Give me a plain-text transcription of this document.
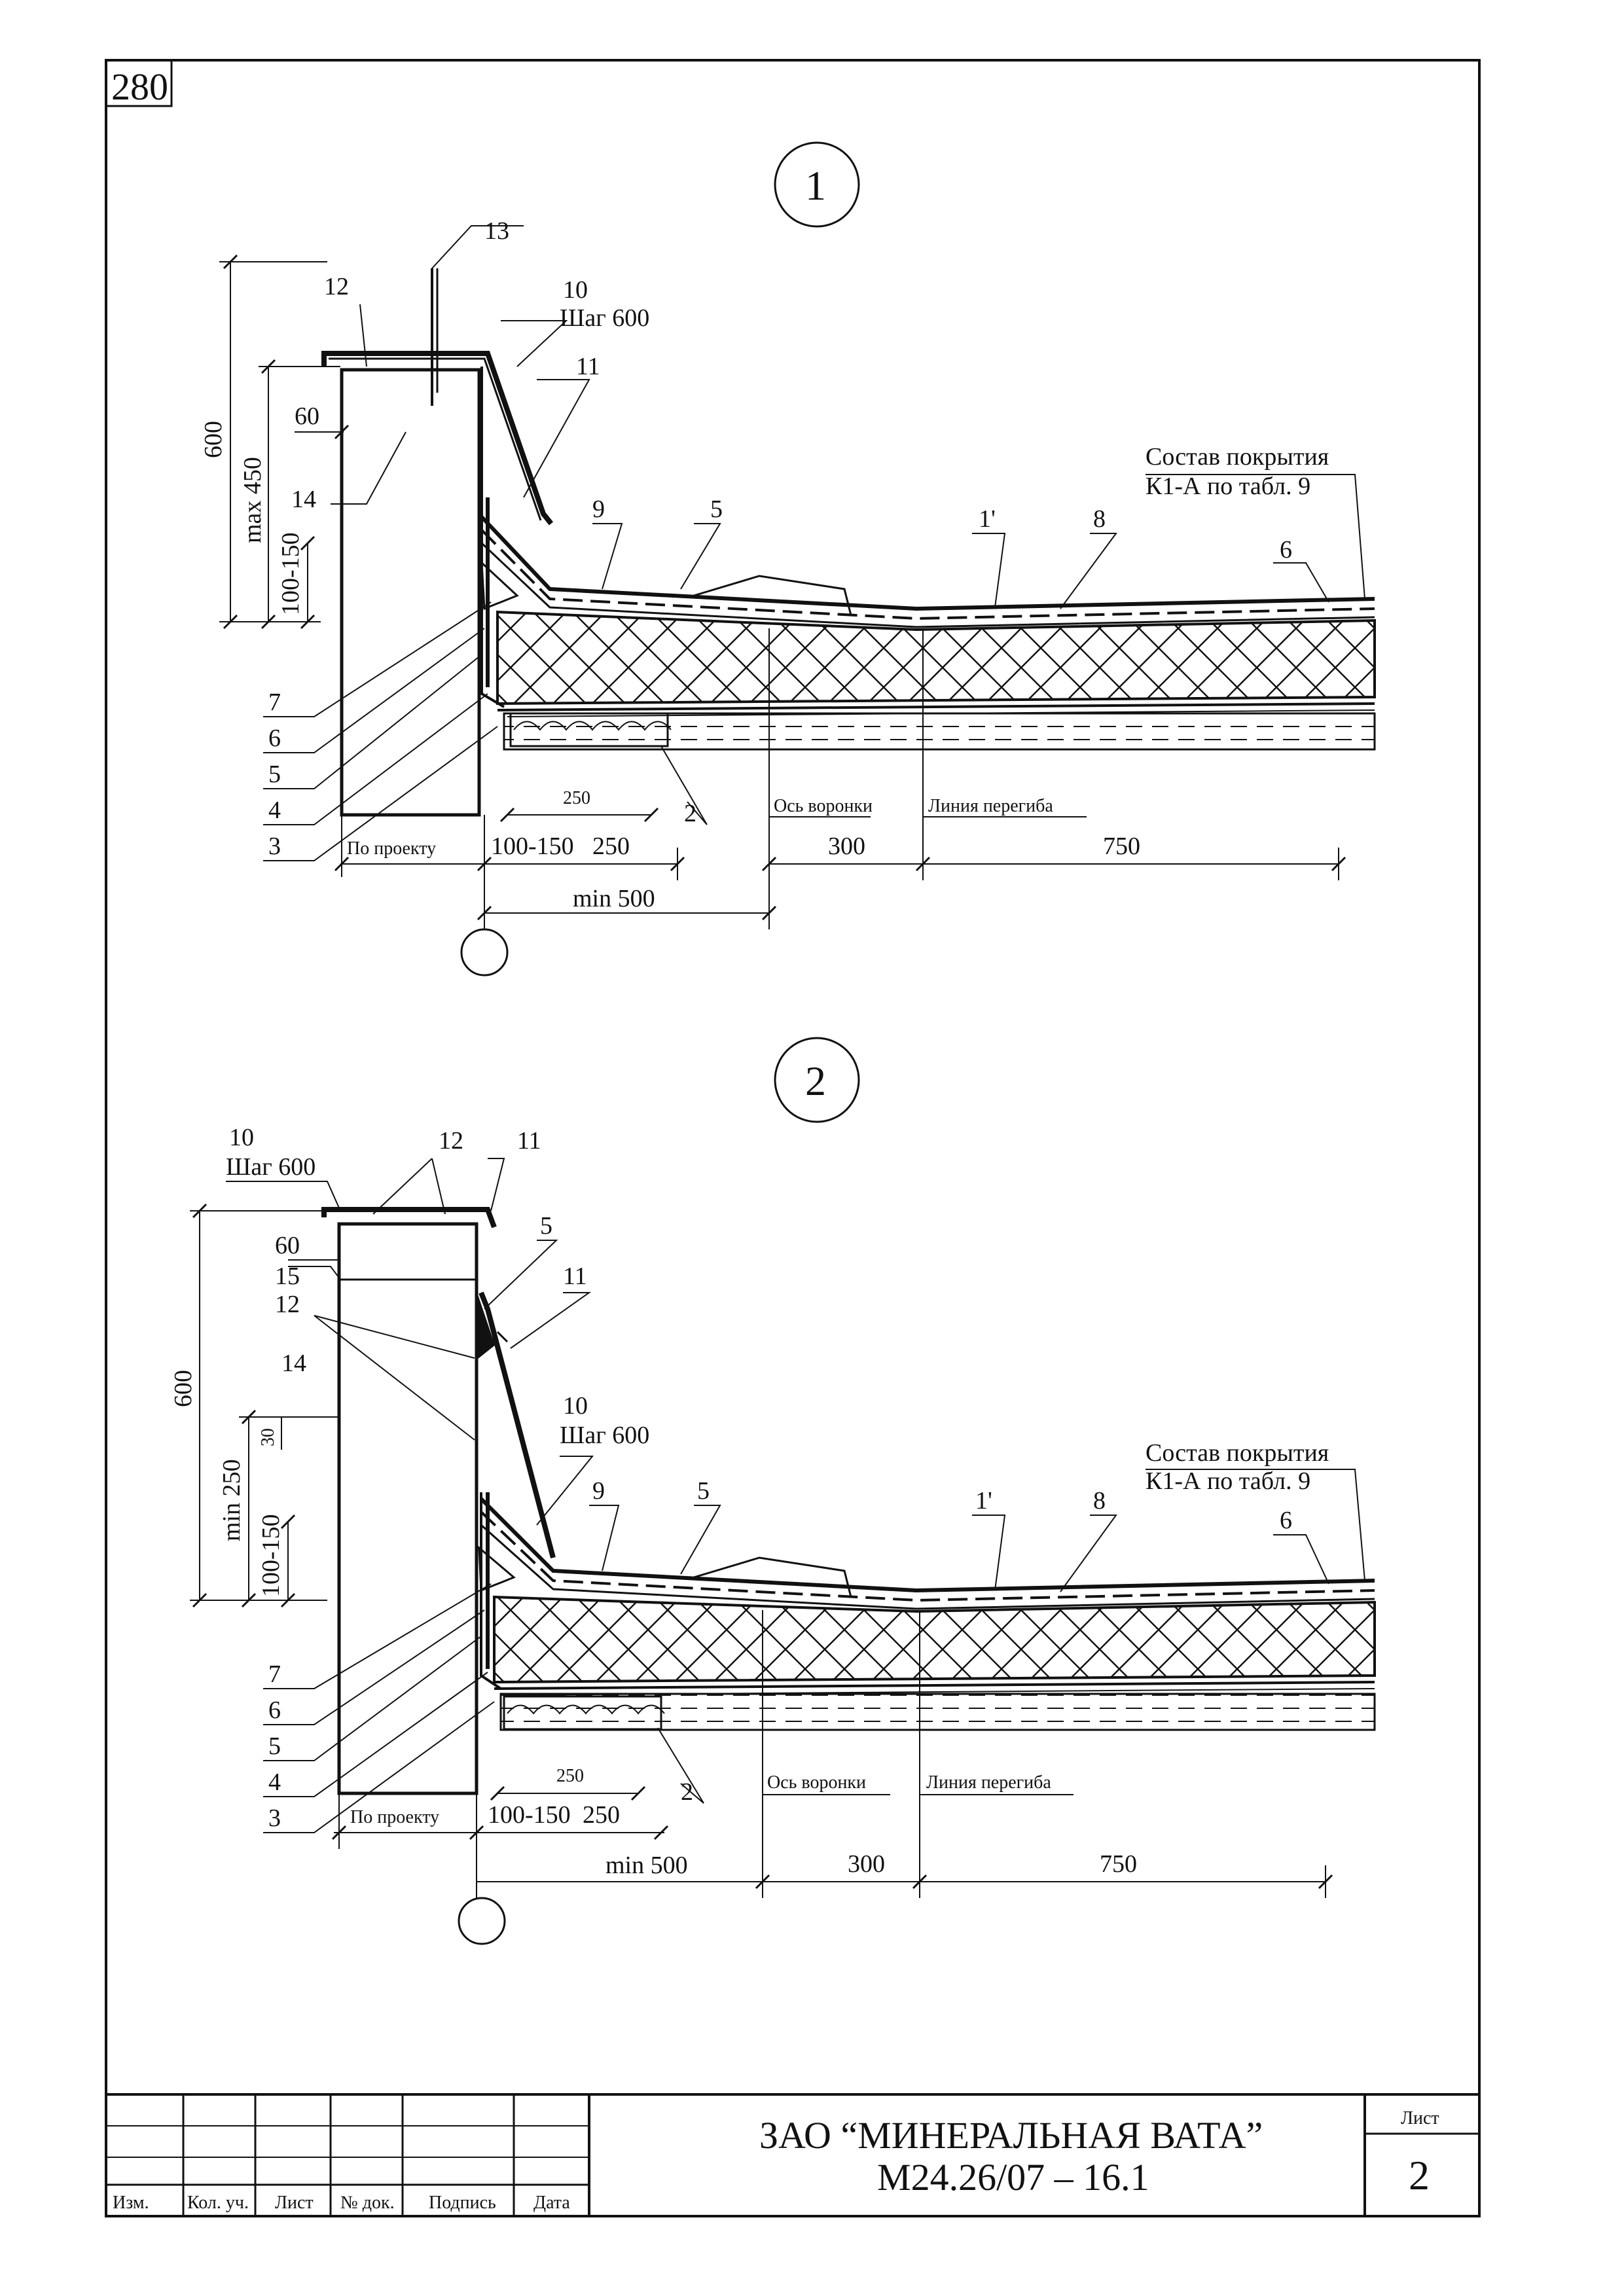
280
1
13
12	10
Шаг 600
11
14	9	5	1'	8
6
Состав покрытия
К1-А по табл. 9
7
6
5
4
3
2
600
max 450
100-150
60
По проекту 100-150 250
250
min 500
300	750
Ось воронки	Линия перегиба
2
10
Шаг 600
12 11
5
11
60
15
12
14
10
Шаг 600
9	5	1'	8
6
Состав покрытия
К1-А по табл. 9
7
6
5
4
3
2
600
min 250
30
100-150
По проекту 100-150 250
250
min 500	300	750
Ось воронки	Линия перегиба
Изм. Кол. уч. Лист № док. Подпись Дата
ЗАО “МИНЕРАЛЬНАЯ ВАТА”
М24.26/07 – 16.1
Лист
2
